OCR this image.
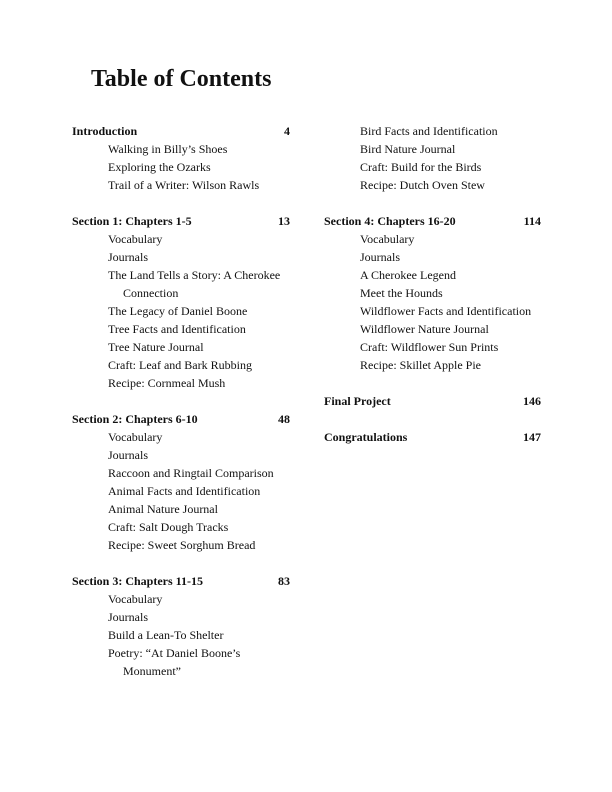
Table of Contents
Introduction	4
Walking in Billy’s Shoes
Exploring the Ozarks
Trail of a Writer: Wilson Rawls
Section 1: Chapters 1-5	13
Vocabulary
Journals
The Land Tells a Story: A Cherokee
Connection
The Legacy of Daniel Boone
Tree Facts and Identification
Tree Nature Journal
Craft: Leaf and Bark Rubbing
Recipe: Cornmeal Mush
Section 2: Chapters 6-10	48
Vocabulary
Journals
Raccoon and Ringtail Comparison
Animal Facts and Identification
Animal Nature Journal
Craft: Salt Dough Tracks
Recipe: Sweet Sorghum Bread
Section 3: Chapters 11-15	83
Vocabulary
Journals
Build a Lean-To Shelter
Poetry: “At Daniel Boone’s
Monument”
Bird Facts and Identification
Bird Nature Journal
Craft: Build for the Birds
Recipe: Dutch Oven Stew
Section 4: Chapters 16-20	114
Vocabulary
Journals
A Cherokee Legend
Meet the Hounds
Wildflower Facts and Identification
Wildflower Nature Journal
Craft: Wildflower Sun Prints
Recipe: Skillet Apple Pie
Final Project	146
Congratulations	147
